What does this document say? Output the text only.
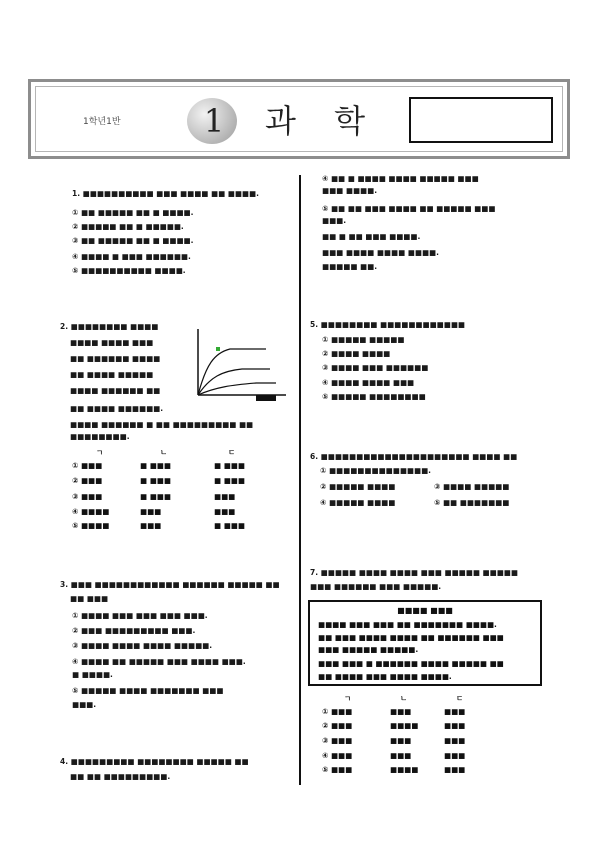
1학년1반	1	과 학
1. ■■■■■■■■■■ ■■■ ■■■■ ■■ ■■■■.
① ■■ ■■■■■ ■■ ■ ■■■■.
② ■■■■■ ■■ ■ ■■■■■.
③ ■■ ■■■■■ ■■ ■ ■■■■.
④ ■■■■ ■ ■■■ ■■■■■■.
⑤ ■■■■■■■■■■ ■■■■.
2. ■■■■■■■■ ■■■■
■■■■ ■■■■ ■■■
■■ ■■■■■■ ■■■■
■■ ■■■■ ■■■■■
■■■■ ■■■■■■ ■■
■■ ■■■■ ■■■■■■.
■■■■ ■■■■■■ ■ ■■ ■■■■■■■■■ ■■
■■■■■■■■.
ㄱ	ㄴ	ㄷ
① ■■■	■ ■■■	■ ■■■
② ■■■	■ ■■■	■ ■■■
③ ■■■	■ ■■■	■■■
④ ■■■■	■■■	■■■
⑤ ■■■■	■■■	■ ■■■
3. ■■■ ■■■■■■■■■■■■ ■■■■■■ ■■■■■ ■■
■■ ■■■
① ■■■■ ■■■ ■■■ ■■■ ■■■.
② ■■■ ■■■■■■■■■ ■■■.
③ ■■■■ ■■■■ ■■■■ ■■■■■.
④ ■■■■ ■■ ■■■■■ ■■■ ■■■■ ■■■.
■ ■■■■.
⑤ ■■■■■ ■■■■ ■■■■■■■ ■■■
■■■.
4. ■■■■■■■■■ ■■■■■■■■ ■■■■■ ■■
■■ ■■ ■■■■■■■■■.
④ ■■ ■ ■■■■ ■■■■ ■■■■■ ■■■
■■■ ■■■■.
⑤ ■■ ■■ ■■■ ■■■■ ■■ ■■■■■ ■■■
■■■.
■■ ■ ■■ ■■■ ■■■■.
■■■ ■■■■ ■■■■ ■■■■.
■■■■■ ■■.
5. ■■■■■■■■ ■■■■■■■■■■■■
① ■■■■■ ■■■■■
② ■■■■ ■■■■
③ ■■■■ ■■■ ■■■■■■
④ ■■■■ ■■■■ ■■■
⑤ ■■■■■ ■■■■■■■■
6. ■■■■■■■■■■■■■■■■■■■■■ ■■■■ ■■
① ■■■■■■■■■■■■■■.
② ■■■■■ ■■■■	③ ■■■■ ■■■■■
④ ■■■■■ ■■■■	⑤ ■■ ■■■■■■■
7. ■■■■■ ■■■■ ■■■■ ■■■ ■■■■■ ■■■■■
■■■ ■■■■■■ ■■■ ■■■■■.
■■■■ ■■■
■■■■ ■■■ ■■■ ■■ ■■■■■■■ ■■■■.
■■ ■■■ ■■■■ ■■■■ ■■ ■■■■■■ ■■■
■■■ ■■■■■ ■■■■■.
■■■ ■■■ ■ ■■■■■■ ■■■■ ■■■■■ ■■
■■ ■■■■ ■■■ ■■■■ ■■■■.
ㄱ	ㄴ	ㄷ
① ■■■	■■■	■■■
② ■■■	■■■■	■■■
③ ■■■	■■■	■■■
④ ■■■	■■■	■■■
⑤ ■■■	■■■■	■■■
